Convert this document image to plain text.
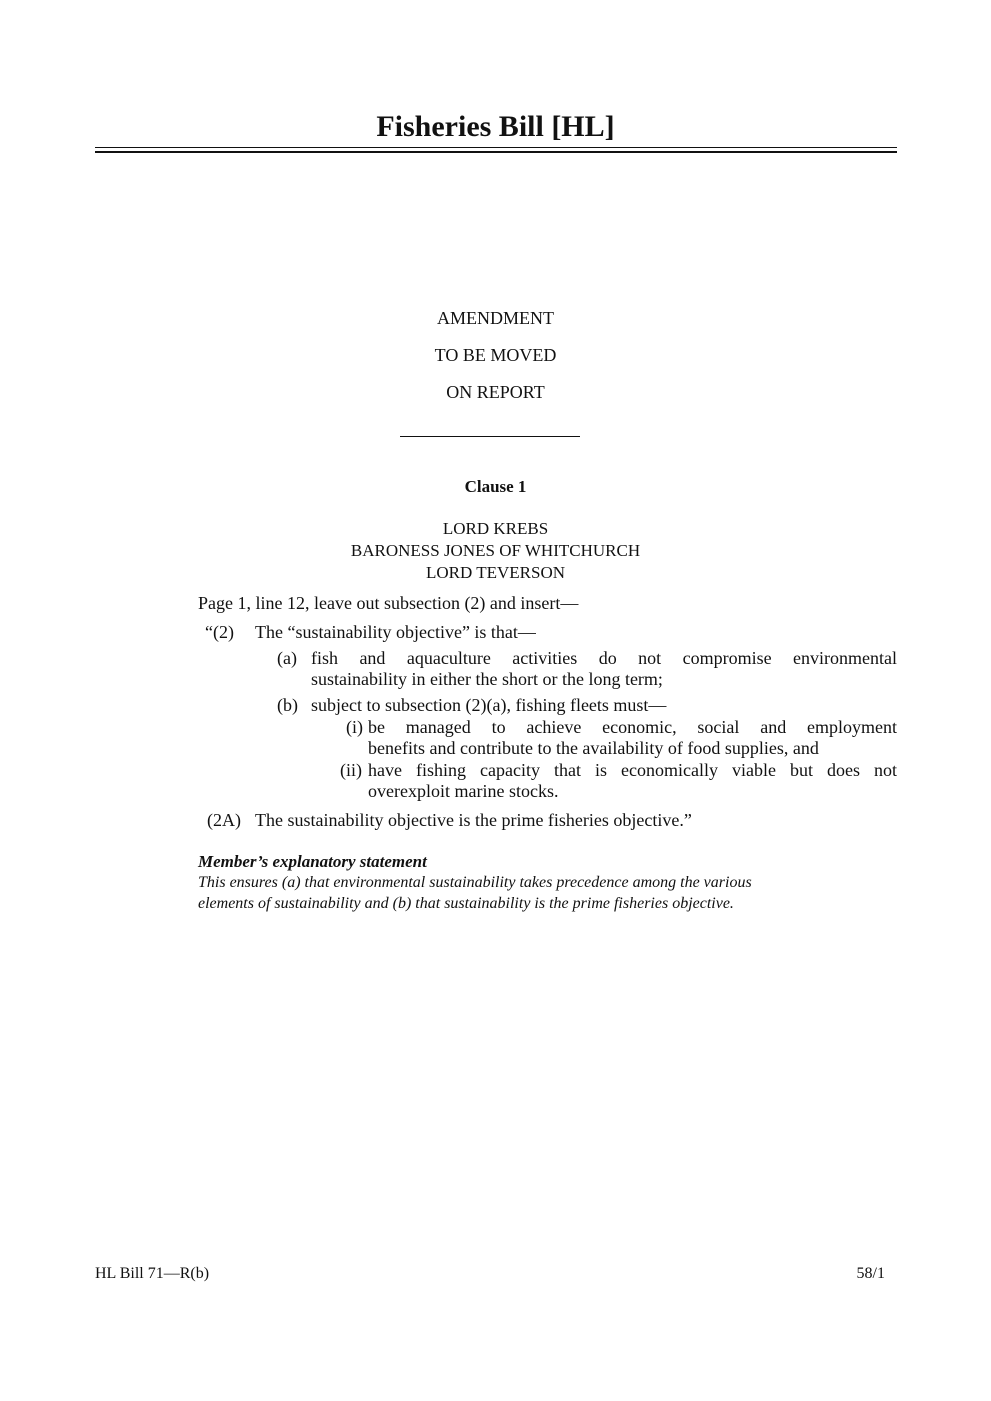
Fisheries Bill [HL]
AMENDMENT
TO BE MOVED
ON REPORT
Clause 1
LORD KREBS
BARONESS JONES OF WHITCHURCH
LORD TEVERSON
Page 1, line 12, leave out subsection (2) and insert—
“(2) The “sustainability objective” is that—
(a) fish and aquaculture activities do not compromise environmental
sustainability in either the short or the long term;
(b) subject to subsection (2)(a), fishing fleets must—
(i) be managed to achieve economic, social and employment
benefits and contribute to the availability of food supplies, and
(ii) have fishing capacity that is economically viable but does not
overexploit marine stocks.
(2A) The sustainability objective is the prime fisheries objective.”
Member’s explanatory statement
This ensures (a) that environmental sustainability takes precedence among the various
elements of sustainability and (b) that sustainability is the prime fisheries objective.
HL Bill 71—R(b)	58/1
